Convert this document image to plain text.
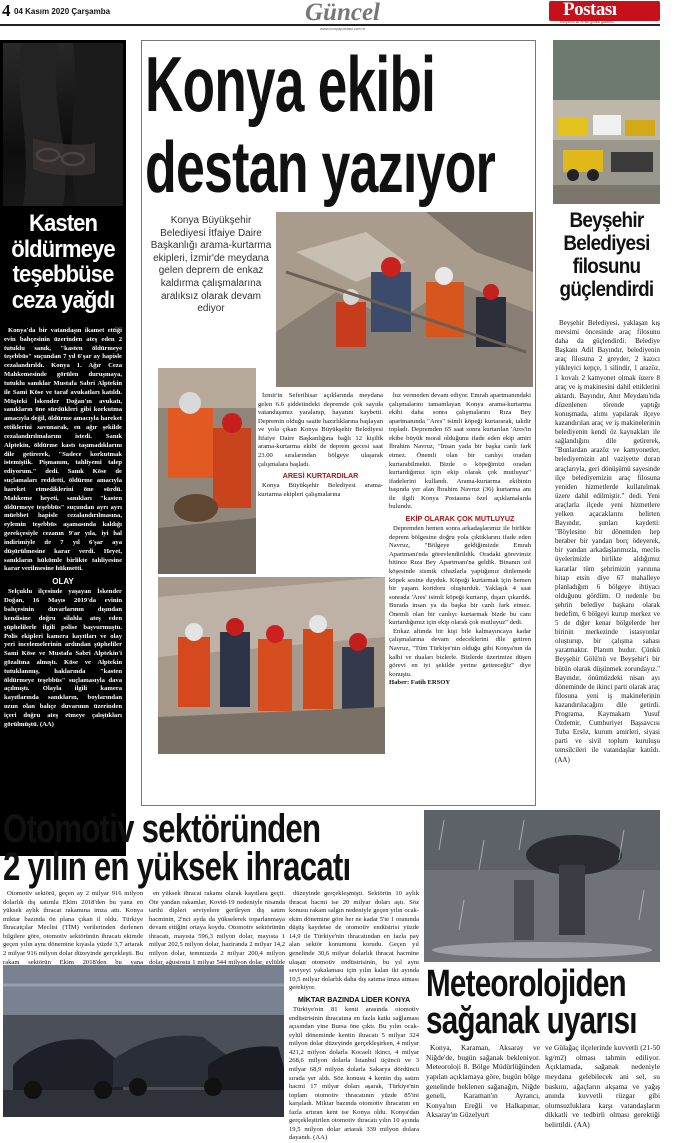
4 04 Kasım 2020 Çarşamba	Güncel
www.konyapostasi.com.tr
Postası
Konya'nın ilk ve tek günlük gazetesi
Kasten öldürmeye teşebbüse ceza yağdı

Konya'da bir vatandaşın ikamet ettiği evin bahçesinin üzerinden ateş eden 2 tutuklu sanık, "kasten öldürmeye teşebbüs" suçundan 7 yıl 6'şar ay hapisle cezalandırıldı. Konya 1. Ağır Ceza Mahkemesinde görülen duruşmaya, tutuklu sanıklar Mustafa Sabri Alptekin ile Sami Köse ve taraf avukatları katıldı. Müşteki İskender Doğan'ın avukatı, sanıkların öne sürdükleri gibi korkutma amacıyla değil, öldürme amacıyla hareket ettiklerini savunarak, en ağır şekilde cezalandırılmalarını istedi. Sanık Alptekin, öldürme kastı taşımadıklarını dile getirerek, "Sadece korkutmak istemiştik. Pişmanım, tahliyemi talep ediyorum." dedi. Sanık Köse de suçlamaları reddetti, öldürme amacıyla hareket etmediklerini öne sürdü. Mahkeme heyeti, sanıkları "kasten öldürmeye teşebbüs" suçundan ayrı ayrı müebbet hapisle cezalandırılmasına, eylemin teşebbüs aşamasında kaldığı gerekçesiyle cezanın 9'ar yıla, iyi hal indirimiyle de 7 yıl 6'şar aya düşürülmesine karar verdi. Heyet, sanıkların hükümle birlikte tahliyesine karar verilmesine hükmetti.

OLAY

Selçuklu ilçesinde yaşayan İskender Doğan, 16 Mayıs 2019'da evinin bahçesinin duvarlarının dışından kendisine doğru silahla ateş eden şüphelilerle ilgili polise başvurmuştu. Polis ekipleri kamera kayıtları ve olay yeri incelemelerinin ardından şüpheliler Sami Köse ve Mustafa Sabri Alptekin'i gözaltına almıştı. Köse ve Alptekin tutuklanmış, haklarında "kasten öldürmeye teşebbüs" suçlamasıyla dava açılmıştı. Olayla ilgili kamera kayıtlarında sanıkların, boylarından uzun olan bahçe duvarının üzerinden içeri doğru ateş etmeye çalıştıkları görülmüştü. (AA)

Konya ekibi
destan yazıyor
Konya Büyükşehir Belediyesi İtfaiye Daire Başkanlığı arama-kurtarma ekipleri, İzmir'de meydana gelen deprem de enkaz kaldırma çalışmalarına aralıksız olarak devam ediyor

İzmir'in Seferihisar açıklarında meydana gelen 6.6 şiddetindeki depremde çok sayıda vatandaşımız yaralanıp, hayatını kaybetti. Depremin olduğu saatte hazırlıklarına başlayan ve yola çıkan Konya Büyükşehir Belediyesi İtfaiye Daire Başkanlığına bağlı 12 kişilik arama-kurtarma ekibi de deprem gecesi saat 23.00 sıralarından bölgeye ulaşarak çalışmalara başladı.

ARESİ KURTARDILAR

Konya Büyükşehir Belediyesi arama-kurtarma ekipleri çalışmalarına

hız vermeden devam ediyor. Emrah apartmanındaki çalışmalarını tamamlayan Konya arama-kurtarma ekibi daha sonra çalışmalarını Rıza Bey apartmanında "Ares" isimli köpeği kurtararak, takdir topladı. Depremden 65 saat sonra kurtarılan 'Ares'in ekibe büyük moral olduğunu ifade eden ekip amiri İbrahim Navruz, "İnsan yada bir başka canlı fark etmez. Önemli olan bir canlıyı oradan kurtarabilmekti. Bizde o köpeğimizi oradan kurtardığımız için ekip olarak çok mutluyuz" ifadelerini kullandı. Arama-kurtarma ekibinin başında yer alan İbrahim Navruz (36) kurtarma anı ile ilgili Konya Postasına özel açıklamalarda bulundu.

EKİP OLARAK ÇOK MUTLUYUZ

Depremden hemen sonra arkadaşlarımız ile birlikte deprem bölgesine doğru yola çıktıklarını ifade eden Navruz, "Bölgeye geldiğimizde Emrah Apartmanı'nda görevlendirildik. Oradaki görevimiz bitince Rıza Bey Apartmanı'na geldik. Binanın sol köşesinde sismik cihazlarla yaptığımız dinlemede köpek sesine duyduk. Köpeği kurtarmak için hemen bir yaşam koridoru oluşturduk. Yaklaşık 4 saat sonrada 'Ares' isimli köpeği kurtarıp, dışarı çıkardık. Burada insan ya da başka bir canlı fark etmez. Önemli olan bir canlıyı kurtarmak bizde bu canı kurtardığımız için ekip olarak çok mutluyuz" dedi.

Enkaz altında bir kişi bile kalmayıncaya kadar çalışmalarına devam edeceklerini dile getiren Navruz, "Tüm Türkiye'nin olduğu gibi Konya'nın da kalbi ve duaları bizlerle. Bizlerde üzerimize düşen görevi en iyi şekilde yerine getireceğiz" diye konuştu.

Haber: Fatih ERSOY

Beyşehir Belediyesi filosunu güçlendirdi

Beyşehir Belediyesi, yaklaşan kış mevsimi öncesinde araç filosunu daha da güçlendirdi. Belediye Başkanı Adil Bayındır, belediyenin araç filosuna 2 greyder, 2 kazıcı yükleyici kepçe, 1 silindir, 1 arazöz, 1 kovalı 2 kamyonet olmak üzere 8 araç ve iş makinesini dahil ettiklerini aktardı. Bayındır, Anıt Meydanı'nda düzenlenen törende yaptığı konuşmada, alımı yapılarak ilçeye kazandırılan araç ve iş makinelerinin belediyenin kendi öz kaynakları ile sağlandığını dile getirerek, "Bunlardan arazöz ve kamyonetler, belediyemizin atıl vaziyette duran araçlarıyla, geri dönüşümü sayesinde ilçe belediyemizin araç filosuna yeniden hizmetlerde kullanılmak üzere dahil edilmiştir." dedi. Yeni araçlarla ilçede yeni hizmetlere yelken açacaklarını belirten Bayındır, şunları kaydetti: "Böylesine bir dönemden hep beraber bir yandan borç ödeyerek, bir yandan arkadaşlarımızla, meclis üyelerimizle birlikte aldığımız kararlar tüm şehrimizin yarınına hitap etsin diye 67 mahalleye planladığım 6 bölgeye ihtiyacı olduğunu gördüm. O nedenle bu şehrin belediye başkanı olarak hedefim, 6 bölgeyi kurup merkez ve 5 de diğer kenar bölgelerde her birinin merkezinde istasyonlar oluşturup, bir çalışma sahası yaratmaktır. Planım budur. Çünkü Beyşehir Gölü'nü ve Beyşehir'i bir bütün olarak düşünmek zorundayız." Bayındır, önümüzdeki nisan ayı döneminde de ikinci parti olarak araç filosuna yeni iş makinelerinin kazandırılacağını dile getirdi. Programa, Kaymakam Yusuf Özdemir, Cumhuriyet Başsavcısı Tuba Ersöz, kurum amirleri, siyasi parti ve sivil toplum kuruluşu temsilcileri ile vatandaşlar katıldı. (AA)

Otomotiv sektöründen
2 yılın en yüksek ihracatı

Otomotiv sektörü, geçen ay 2 milyar 916 milyon dolarlık dış satımla Ekim 2018'den bu yana en yüksek aylık ihracat rakamına imza attı. Konya miktar bazında ön plana çıkan il oldu. Türkiye İhracatçılar Meclisi (TİM) verilerinden derlenen bilgilere göre, otomotiv sektörünün ihracatı ekimde geçen yılın aynı dönemine kıyasla yüzde 3,7 artarak 2 milyar 916 milyon dolar düzeyinde gerçekleşti. Bu rakam sektörün Ekim 2018'den bu yana

en yüksek ihracat rakamı olarak kayıtlara geçti. Öte yandan rakamlar, Kovid-19 nedeniyle nisanda tarihi dipleri seviyelere gerileyen dış satım hacminin, 2'nci ayda da yükselerek toparlanmaya devam ettiğini ortaya koydu. Otomotiv sektörünün ihracatı, mayısta 596,3 milyon dolar, mayısta 1 milyar 202,5 milyon dolar, haziranda 2 milyar 14,2 milyon dolar, temmuzda 2 milyar 200,4 milyon dolar, ağustosta 1 milyar 544 milyon dolar, eylülde

düzeyinde gerçekleşmişti. Sektörün 10 aylık ihracat hacmi ise 20 milyar doları aştı. Söz konusu rakam salgın nedeniyle geçen yılın ocak-ekim dönemine göre her ne kadar 5'te 1 oranında düşüş kaydetse de otomotiv endüstrisi yüzde 14,9 ile Türkiye'nin ihracatından en fazla pay alan sektör konumunu korudu. Geçen yıl genelinde 30,6 milyar dolarlık ihracat hacmine ulaşan otomotiv endüstrisinin, bu yıl aynı seviyeyi yakalaması için yılın kalan iki ayında 10,5 milyar dolarlık daha dış satıma imza atması gerekiyor.

MİKTAR BAZINDA LİDER KONYA

Türkiye'nin 81 kenti arasında otomotiv endüstrisinin ihracatına en fazla katkı sağlaması açısından yine Bursa öne çıktı. Bu yılın ocak-eylül döneminde kentin ihracatı 5 milyar 324 milyon dolar düzeyinde gerçekleşirken, 4 milyar 421,2 milyon dolarla Kocaeli ikinci, 4 milyar 268,6 milyon dolarla İstanbul üçüncü ve 3 milyar 68,9 milyon dolarla Sakarya dördüncü sırada yer aldı. Söz konusu 4 kentin dış satım hacmi 17 milyar doları aşarak, Türkiye'nin toplam otomotiv ihracatının yüzde 85'ini karşıladı. Miktar bazında otomotiv ihracatını en fazla artıran kent ise Konya oldu. Konya'dan gerçekleştirilen otomotiv ihracatı yılın 10 ayında 19,5 milyon dolar artarak 339 milyon dolara dayandı. (AA)

Meteorolojiden
sağanak uyarısı

Konya, Karaman, Aksaray ve Niğde'de, bugün sağanak bekleniyor. Meteoroloji 8. Bölge Müdürlüğünden yapılan açıklamaya göre, bugün bölge genelinde beklenen sağanağın, Niğde geneli, Karaman'ın Ayrancı, Konya'nın Ereğli ve Halkapınar, Aksaray'ın Güzelyurt

ve Gülağaç ilçelerinde kuvvetli (21-50 kg/m2) olması tahmin ediliyor. Açıklamada, sağanak nedeniyle meydana gelebilecek ani sel, su baskını, ağaçların akşama ve yağış anında kuvvetli rüzgar gibi olumsuzluklara karşı vatandaşların dikkatli ve tedbirli olması gerektiği belirtildi. (AA)
